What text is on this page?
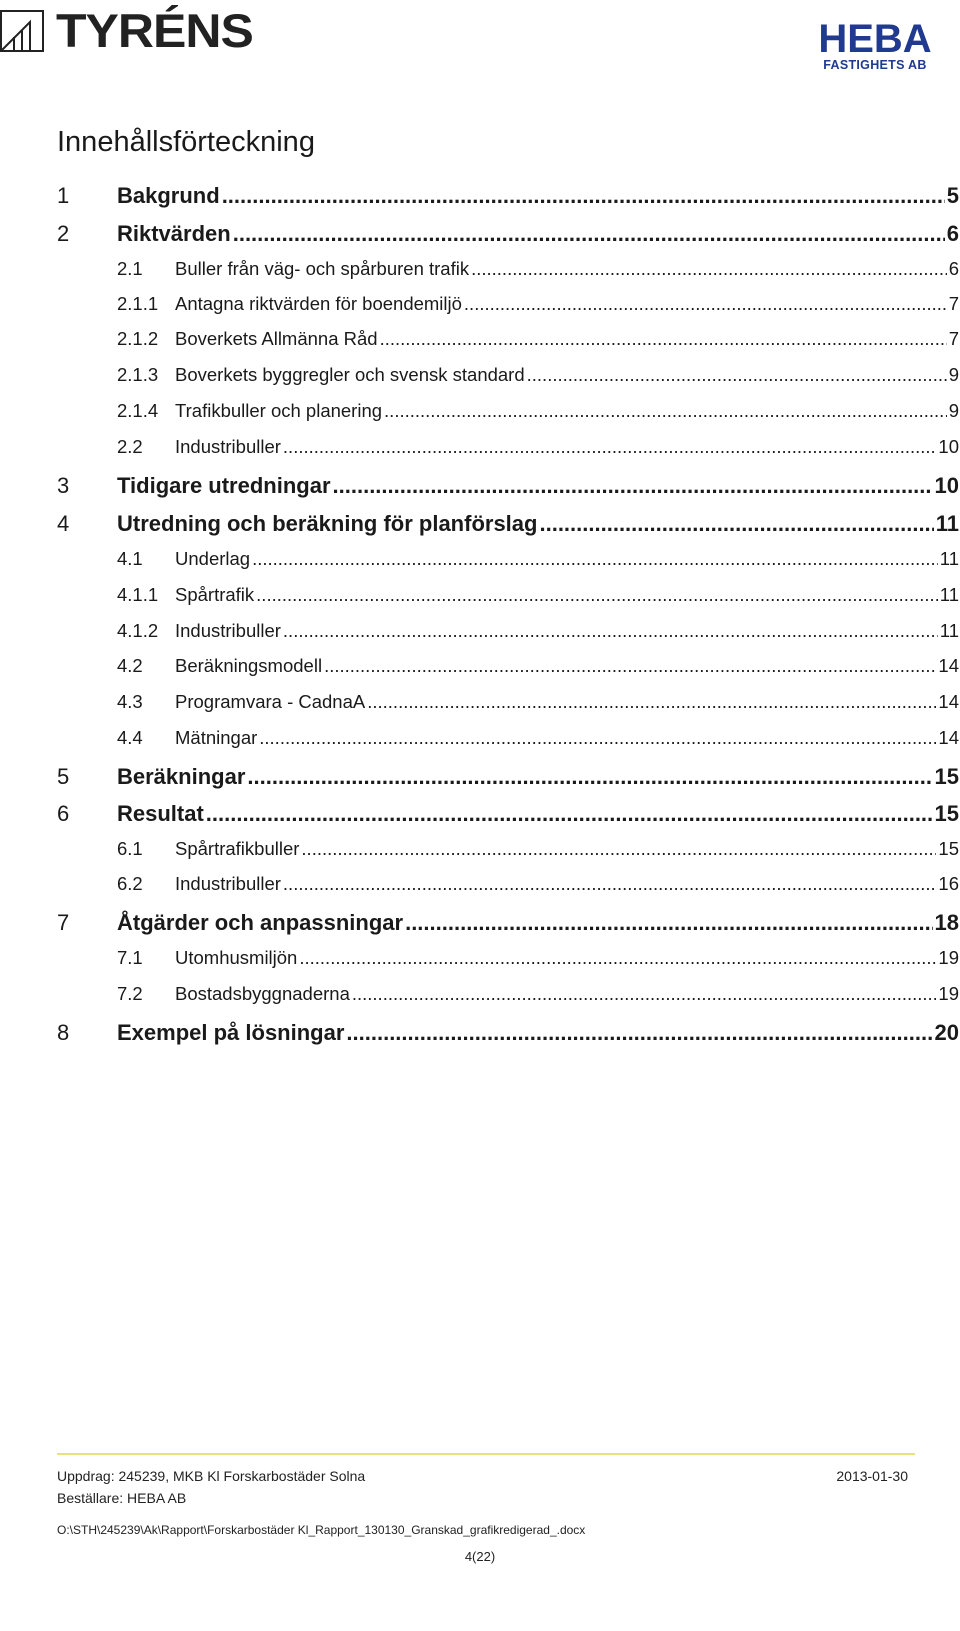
TYRÉNS	HEBA
FASTIGHETS AB
Innehållsförteckning
1	Bakgrund .....	5
2	Riktvärden .....	6
2.1	Buller från väg- och spårburen trafik .....	6
2.1.1 Antagna riktvärden för boendemiljö .....	7
2.1.2 Boverkets Allmänna Råd .....	7
2.1.3 Boverkets byggregler och svensk standard .....	9
2.1.4 Trafikbuller och planering .....	9
2.2	Industribuller .....	10
3	Tidigare utredningar .....	10
4	Utredning och beräkning för planförslag .....	11
4.1	Underlag .....	11
4.1.1 Spårtrafik .....	11
4.1.2 Industribuller .....	11
4.2	Beräkningsmodell .....	14
4.3	Programvara - CadnaA .....	14
4.4	Mätningar .....	14
5	Beräkningar .....	15
6	Resultat .....	15
6.1	Spårtrafikbuller .....	15
6.2	Industribuller .....	16
7	Åtgärder och anpassningar .....	18
7.1	Utomhusmiljön .....	19
7.2	Bostadsbyggnaderna .....	19
8	Exempel på lösningar .....	20
Uppdrag: 245239, MKB Kl Forskarbostäder Solna	2013-01-30
Beställare: HEBA AB
O:\STH\245239\Ak\Rapport\Forskarbostäder Kl_Rapport_130130_Granskad_grafikredigerad_.docx
4(22)
